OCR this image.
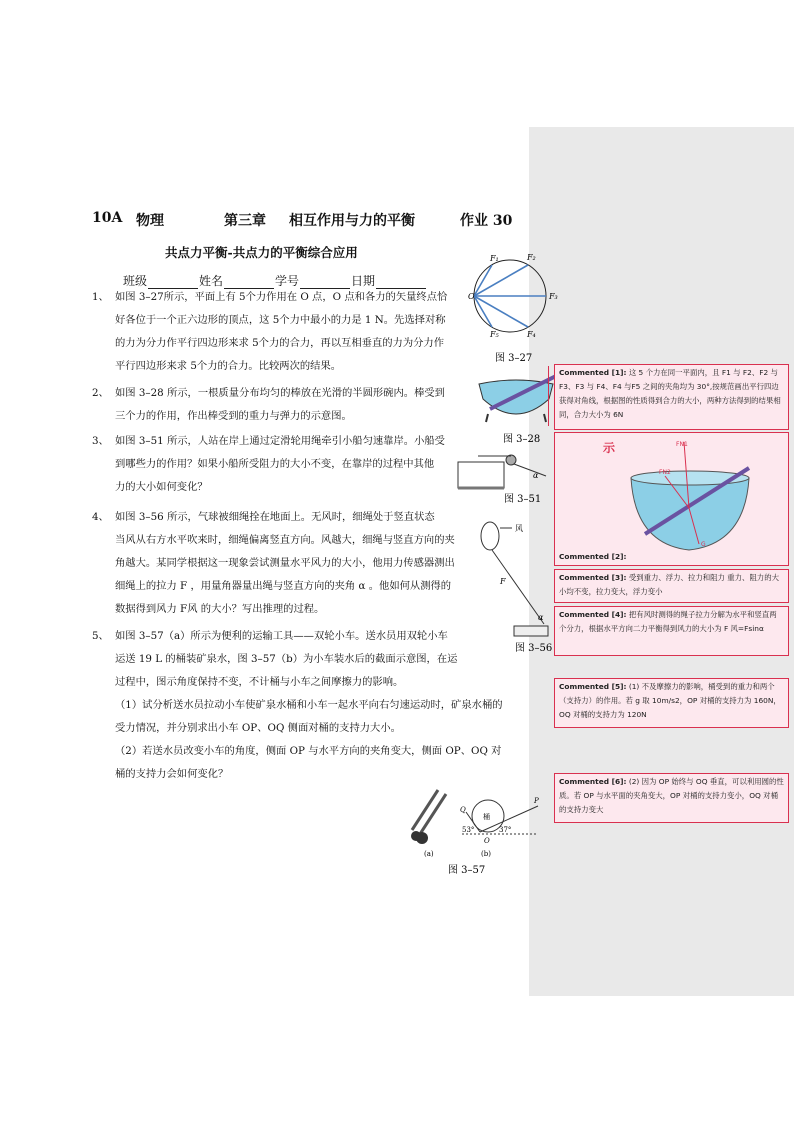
10A 物理	第三章 相互作用与力的平衡	作业 30
共点力平衡-共点力的平衡综合应用
班级	姓名	学号	日期
1、 如图 3–27所示，平面上有 5个力作用在 O 点，O 点和各力的矢量终点恰
好各位于一个正六边形的顶点，这 5个力中最小的力是 1 N。先选择对称
的力为分力作平行四边形来求 5个力的合力，再以互相垂直的力为分力作
平行四边形来求 5个力的合力。比较两次的结果。
2、 如图 3–28 所示，一根质量分布均匀的棒放在光滑的半圆形碗内。棒受到
三个力的作用，作出棒受到的重力与弹力的示意图。
3、 如图 3–51 所示，人站在岸上通过定滑轮用绳牵引小船匀速靠岸。小船受
到哪些力的作用？如果小船所受阻力的大小不变，在靠岸的过程中其他
力的大小如何变化？
4、 如图 3–56 所示，气球被细绳拴在地面上。无风时，细绳处于竖直状态
当风从右方水平吹来时，细绳偏离竖直方向。风越大，细绳与竖直方向的夹
角越大。某同学根据这一现象尝试测量水平风力的大小，他用力传感器测出
细绳上的拉力 F ，用量角器量出绳与竖直方向的夹角 α 。他如何从测得的
数据得到风力 F风 的大小？写出推理的过程。
5、 如图 3–57（a）所示为便利的运输工具——双轮小车。送水员用双轮小车
运送 19 L 的桶装矿泉水，图 3–57（b）为小车装水后的截面示意图，在运
过程中，图示角度保持不变，不计桶与小车之间摩擦力的影响。
（1）试分析送水员拉动小车使矿泉水桶和小车一起水平向右匀速运动时，矿泉水桶的
受力情况，并分别求出小车 OP、OQ 侧面对桶的支持力大小。
（2）若送水员改变小车的角度，侧面 OP 与水平方向的夹角变大，侧面 OP、OQ 对
桶的支持力会如何变化？
F₁	F₂
F₃
F₄
F₅
O
图 3–27
图 3–28
α
图 3–51
风
F
α
图 3–56
桶
Q
P
O
53°	37°
(a)	(b)
图 3–57
Commented [1]: 这 5 个力在同一平面内，且 F1 与 F2、F2 与 F3、F3 与 F4、F4 与F5 之间的夹角均为 30°,按规范画出平行四边获得对角线，根据图的性质得到合力的大小，两种方法得到的结果相同，合力大小为 6N
示	FN1
FN2
G
Commented [2]:
Commented [3]: 受到重力、浮力、拉力和阻力 重力、阻力的大小均不变，拉力变大，浮力变小
Commented [4]: 把有风时测得的绳子拉力分解为水平和竖直两个分力，根据水平方向二力平衡得到风力的大小为 F 风=Fsinα
Commented [5]: (1) 不及摩擦力的影响，桶受到的重力和两个（支持力）的作用。若 g 取 10m/s2，OP 对桶的支持力为 160N，OQ 对桶的支持力为 120N
Commented [6]: (2) 因为 OP 始终与 OQ 垂直，可以利用圆的性质。若 OP 与水平面的夹角变大，OP 对桶的支持力变小，OQ 对桶的支持力变大
